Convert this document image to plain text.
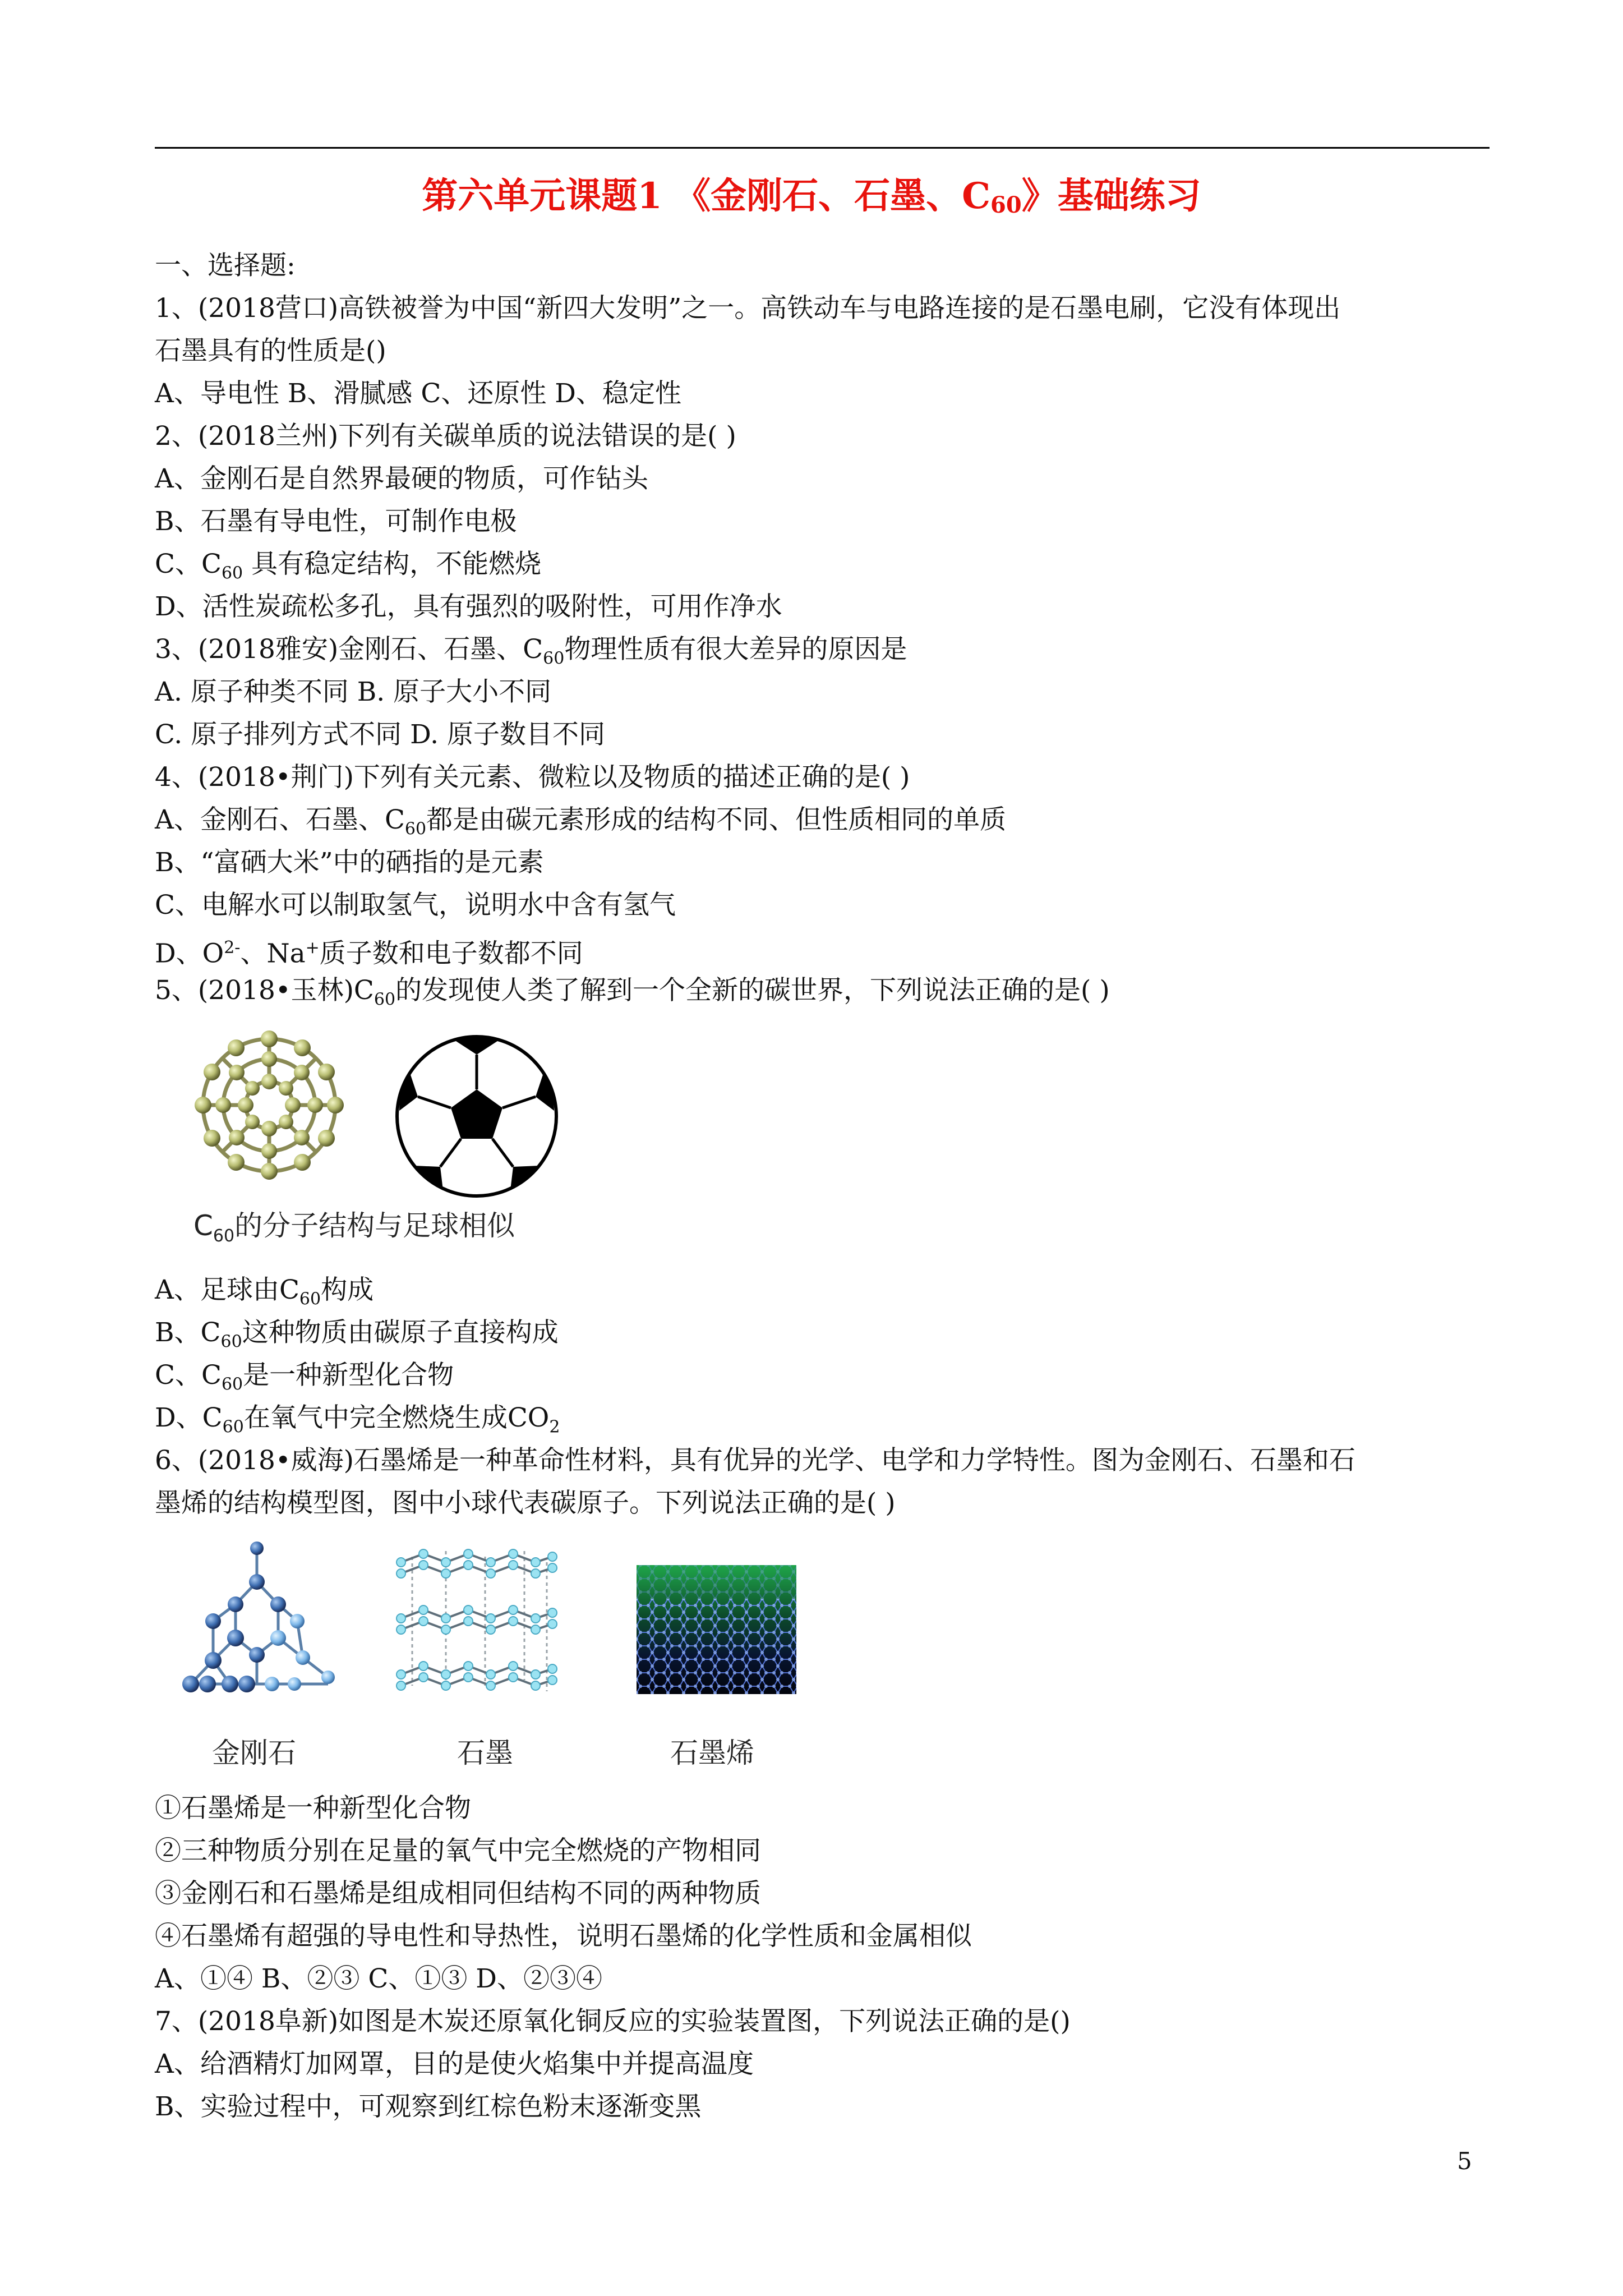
第六单元课题1 《金刚石、石墨、$C_{60}$》基础练习
一、选择题:
1、(2018营口)高铁被誉为中国“新四大发明”之一。高铁动车与电路连接的是石墨电刷，它没有体现出
石墨具有的性质是()
A、导电性 B、滑腻感 C、还原性 D、稳定性
2、(2018兰州)下列有关碳单质的说法错误的是( )
A、金刚石是自然界最硬的物质，可作钻头
B、石墨有导电性，可制作电极
C、$C_{60}$ 具有稳定结构，不能燃烧
D、活性炭疏松多孔，具有强烈的吸附性，可用作净水
3、(2018雅安)金刚石、石墨、$C_{60}$物理性质有很大差异的原因是
A. 原子种类不同 B. 原子大小不同
C. 原子排列方式不同 D. 原子数目不同
4、(2018•荆门)下列有关元素、微粒以及物质的描述正确的是( )
A、金刚石、石墨、$C_{60}$都是由碳元素形成的结构不同、但性质相同的单质
B、“富硒大米”中的硒指的是元素
C、电解水可以制取氢气，说明水中含有氢气
D、$O^{2-}$、Na+质子数和电子数都不同
5、(2018•玉林)$C_{60}$的发现使人类了解到一个全新的碳世界，下列说法正确的是( )
$C_{60}$的分子结构与足球相似
A、足球由$C_{60}$构成
B、$C_{60}$这种物质由碳原子直接构成
C、$C_{60}$是一种新型化合物
D、$C_{60}$在氧气中完全燃烧生成$CO_2$
6、(2018•威海)石墨烯是一种革命性材料，具有优异的光学、电学和力学特性。图为金刚石、石墨和石
墨烯的结构模型图，图中小球代表碳原子。下列说法正确的是( )
金刚石	石墨	石墨烯
①石墨烯是一种新型化合物
②三种物质分别在足量的氧气中完全燃烧的产物相同
③金刚石和石墨烯是组成相同但结构不同的两种物质
④石墨烯有超强的导电性和导热性，说明石墨烯的化学性质和金属相似
A、①④ B、②③ C、①③ D、②③④
7、(2018阜新)如图是木炭还原氧化铜反应的实验装置图，下列说法正确的是()
A、给酒精灯加网罩，目的是使火焰集中并提高温度
B、实验过程中，可观察到红棕色粉末逐渐变黑
5
